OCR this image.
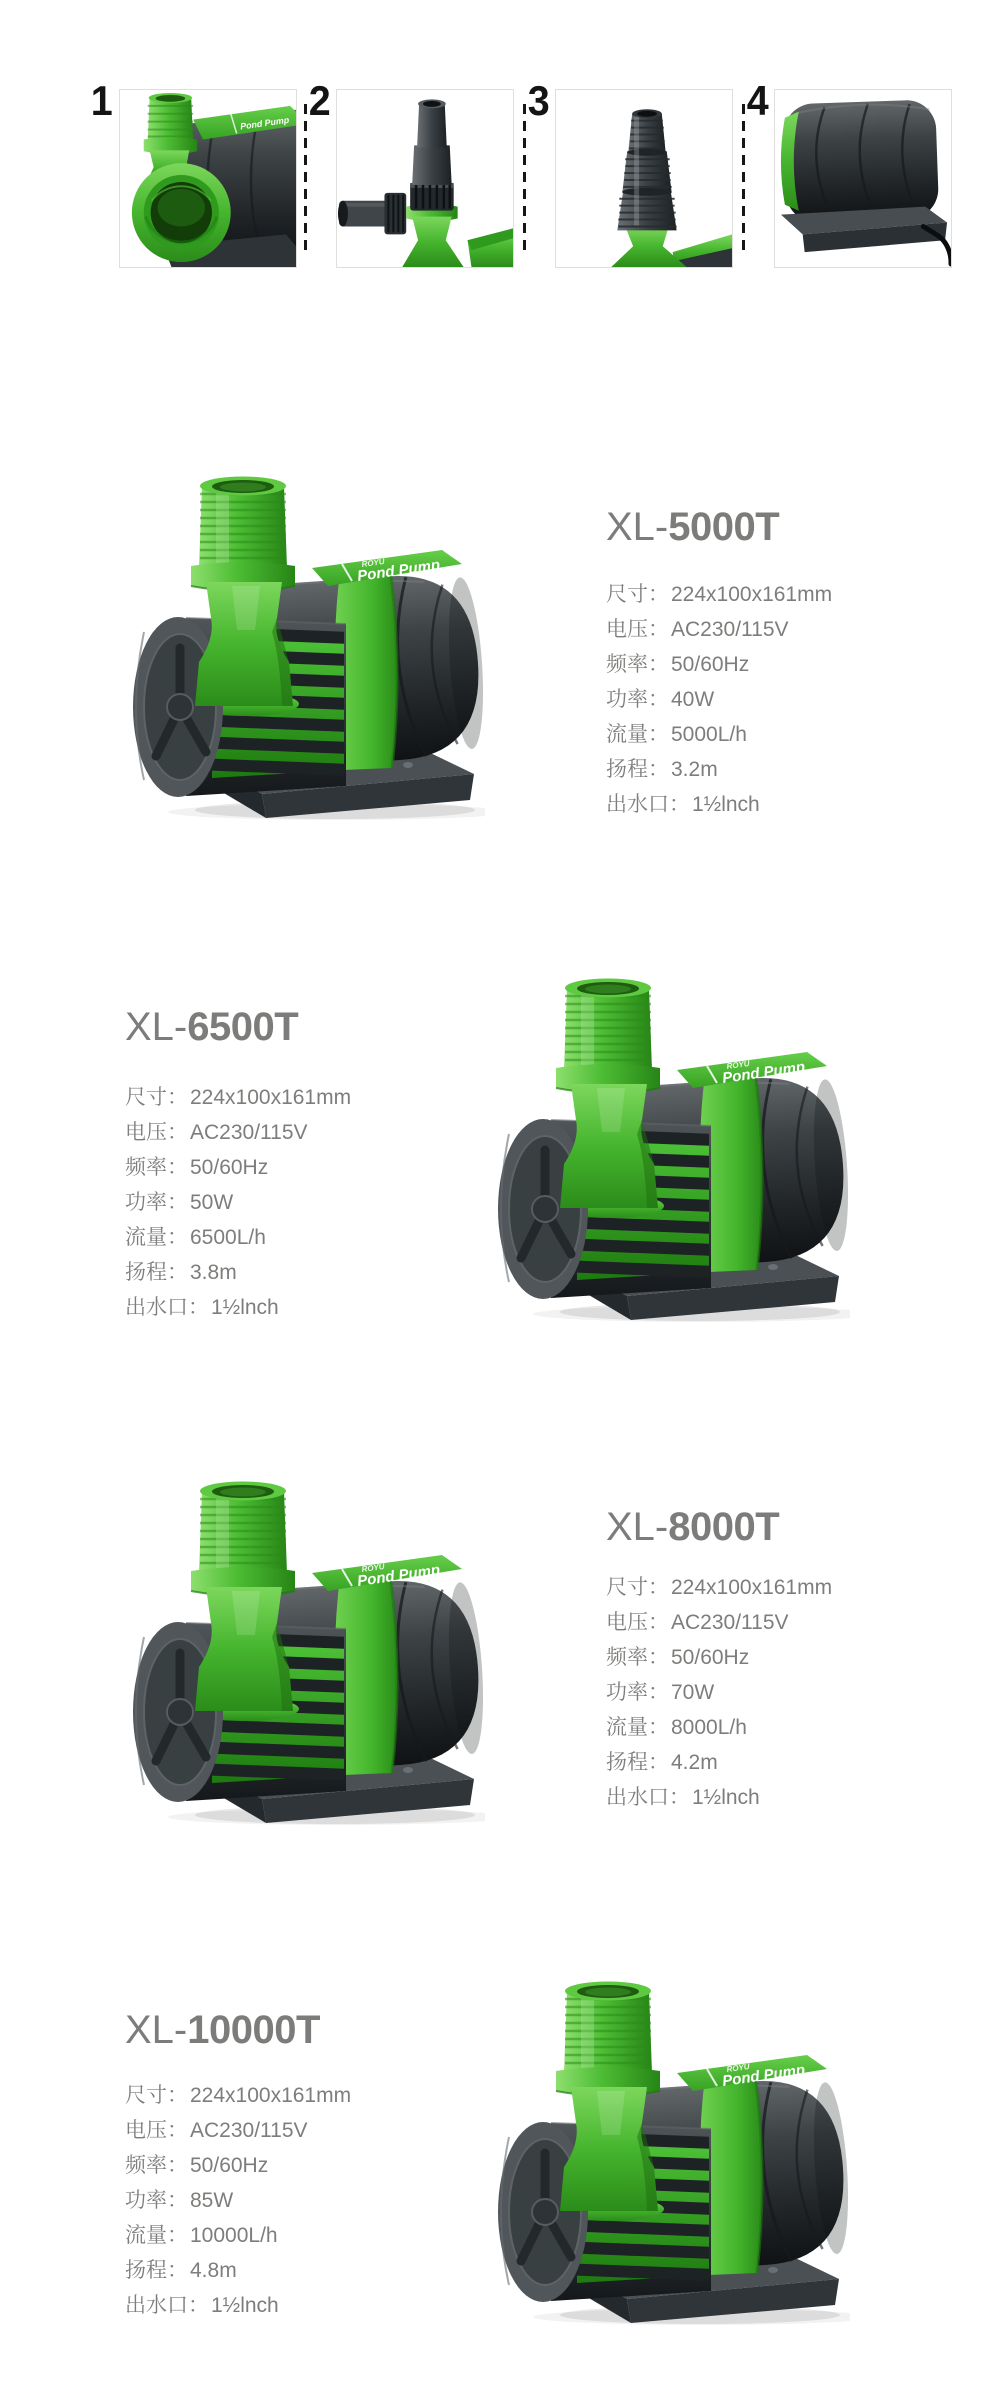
1	Pond Pump 2	3	4
XL-5000T
尺寸：224x100x161mm
电压：AC230/115V
频率：50/60Hz
功率：40W
流量：5000L/h
扬程：3.2m
出水口：1½lnch
XL-6500T
尺寸：224x100x161mm
电压：AC230/115V
频率：50/60Hz
功率：50W
流量：6500L/h
扬程：3.8m
出水口：1½lnch
XL-8000T
尺寸：224x100x161mm
电压：AC230/115V
频率：50/60Hz
功率：70W
流量：8000L/h
扬程：4.2m
出水口：1½lnch
XL-10000T
尺寸：224x100x161mm
电压：AC230/115V
频率：50/60Hz
功率：85W
流量：10000L/h
扬程：4.8m
出水口：1½lnch
